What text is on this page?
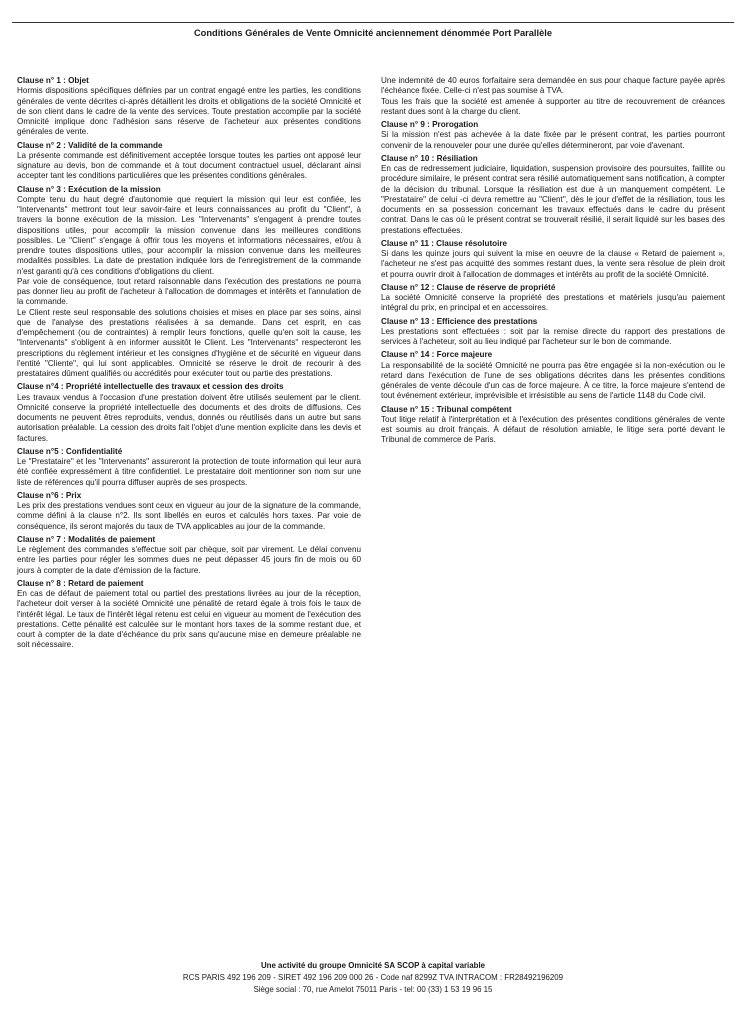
Conditions Générales de Vente Omnicité anciennement dénommée Port Parallèle
Clause n° 1 : Objet

Hormis dispositions spécifiques définies par un contrat engagé entre les parties, les conditions générales de vente décrites ci-après détaillent les droits et obligations de la société Omnicité et de son client dans le cadre de la vente des services. Toute prestation accomplie par la société Omnicité implique donc l'adhésion sans réserve de l'acheteur aux présentes conditions générales de vente.

Clause n° 2 : Validité de la commande

La présente commande est définitivement acceptée lorsque toutes les parties ont apposé leur signature au devis, bon de commande et à tout document contractuel usuel, déclarant ainsi accepter tant les conditions particulières que les présentes conditions générales.

Clause n° 3 : Exécution de la mission

Compte tenu du haut degré d'autonomie que requiert la mission qui leur est confiée, les "Intervenants" mettront tout leur savoir-faire et leurs connaissances au profit du "Client", à travers la bonne exécution de la mission. Les "Intervenants" s'engagent à prendre toutes dispositions utiles, pour accomplir la mission convenue dans les meilleures conditions possibles. Le "Client" s'engage à offrir tous les moyens et informations nécessaires, et/ou à prendre toutes dispositions utiles, pour accomplir la mission convenue dans les meilleures modalités possibles. La date de prestation indiquée lors de l'enregistrement de la commande n'est garanti qu'à ces conditions d'obligations du client.

Par voie de conséquence, tout retard raisonnable dans l'exécution des prestations ne pourra pas donner lieu au profit de l'acheteur à l'allocation de dommages et intérêts et l'annulation de la commande.

Le Client reste seul responsable des solutions choisies et mises en place par ses soins, ainsi que de l'analyse des prestations réalisées à sa demande. Dans cet esprit, en cas d'empêchement (ou de contraintes) à remplir leurs fonctions, quelle qu'en soit la cause, les "Intervenants" s'obligent à en informer aussitôt le Client. Les "Intervenants" respecteront les prescriptions du règlement intérieur et les consignes d'hygiène et de sécurité en vigueur dans l'entité "Cliente", qui lui sont applicables. Omnicité se réserve le droit de recourir à des prestataires dûment qualifiés ou accrédités pour exécuter tout ou partie des prestations.

Clause n°4 : Propriété intellectuelle des travaux et cession des droits

Les travaux vendus à l'occasion d'une prestation doivent être utilisés seulement par le client. Omnicité conserve la propriété intellectuelle des documents et des droits de diffusions. Ces documents ne peuvent êtres reproduits, vendus, donnés ou réutilisés dans un autre but sans autorisation préalable. La cession des droits fait l'objet d'une mention explicite dans les devis et factures.

Clause n°5 : Confidentialité

Le "Prestataire" et les "Intervenants" assureront la protection de toute information qui leur aura été confiée expressément à titre confidentiel. Le prestataire doit mentionner son nom sur une liste de références qu'il pourra diffuser auprès de ses prospects.

Clause n°6 : Prix

Les prix des prestations vendues sont ceux en vigueur au jour de la signature de la commande, comme défini à la clause n°2. Ils sont libellés en euros et calculés hors taxes. Par voie de conséquence, ils seront majorés du taux de TVA applicables au jour de la commande.

Clause n° 7 : Modalités de paiement

Le règlement des commandes s'effectue soit par chèque, soit par virement. Le délai convenu entre les parties pour régler les sommes dues ne peut dépasser 45 jours fin de mois ou 60 jours à compter de la date d'émission de la facture.

Clause n° 8 : Retard de paiement

En cas de défaut de paiement total ou partiel des prestations livrées au jour de la réception, l'acheteur doit verser à la société Omnicité une pénalité de retard égale à trois fois le taux de l'intérêt légal. Le taux de l'intérêt légal retenu est celui en vigueur au moment de l'exécution des prestations. Cette pénalité est calculée sur le montant hors taxes de la somme restant due, et court à compter de la date d'échéance du prix sans qu'aucune mise en demeure préalable ne soit nécessaire.

Une indemnité de 40 euros forfaitaire sera demandée en sus pour chaque facture payée après l'échéance fixée. Celle-ci n'est pas soumise à TVA.

Tous les frais que la société est amenée à supporter au titre de recouvrement de créances restant dues sont à la charge du client.

Clause n° 9 : Prorogation

Si la mission n'est pas achevée à la date fixée par le présent contrat, les parties pourront convenir de la renouveler pour une durée qu'elles détermineront, par voie d'avenant.

Clause n° 10 : Résiliation

En cas de redressement judiciaire, liquidation, suspension provisoire des poursuites, faillite ou procédure similaire, le présent contrat sera résilié automatiquement sans notification, à compter de la décision du tribunal. Lorsque la résiliation est due à un manquement compétent. Le "Prestataire" de celui -ci devra remettre au "Client", dès le jour d'effet de la résiliation, tous les documents en sa possession concernant les travaux effectués dans le cadre du présent contrat. Dans le cas où le présent contrat se trouverait résilié, il serait liquidé sur les bases des prestations effectuées.

Clause n° 11 : Clause résolutoire

Si dans les quinze jours qui suivent la mise en oeuvre de la clause « Retard de paiement », l'acheteur ne s'est pas acquitté des sommes restant dues, la vente sera résolue de plein droit et pourra ouvrir droit à l'allocation de dommages et intérêts au profit de la société Omnicité.

Clause n° 12 : Clause de réserve de propriété

La société Omnicité conserve la propriété des prestations et matériels jusqu'au paiement intégral du prix, en principal et en accessoires.

Clause n° 13 : Efficience des prestations

Les prestations sont effectuées : soit par la remise directe du rapport des prestations de services à l'acheteur, soit au lieu indiqué par l'acheteur sur le bon de commande.

Clause n° 14 : Force majeure

La responsabilité de la société Omnicité ne pourra pas être engagée si la non-exécution ou le retard dans l'exécution de l'une de ses obligations décrites dans les présentes conditions générales de vente découle d'un cas de force majeure. À ce titre, la force majeure s'entend de tout événement extérieur, imprévisible et irrésistible au sens de l'article 1148 du Code civil.

Clause n° 15 : Tribunal compétent

Tout litige relatif à l'interprétation et à l'exécution des présentes conditions générales de vente est soumis au droit français. À défaut de résolution amiable, le litige sera porté devant le Tribunal de commerce de Paris.

Une activité du groupe Omnicité SA SCOP à capital variable
RCS PARIS 492 196 209 - SIRET 492 196 209 000 26 - Code naf 8299Z TVA INTRACOM : FR28492196209
Siège social : 70, rue Amelot 75011 Paris - tel: 00 (33) 1 53 19 96 15
